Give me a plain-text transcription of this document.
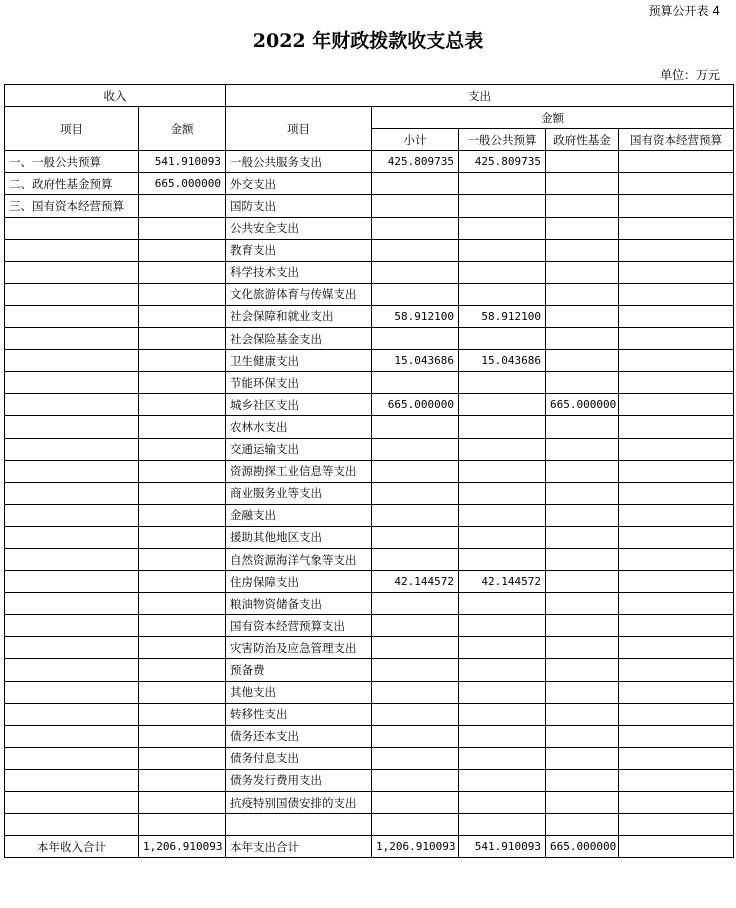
预算公开表 4
2022 年财政拨款收支总表
单位：万元
收入		支出				
项目	金额	项目	金额			
			小计	一般公共预算	政府性基金	国有资本经营预算
一、一般公共预算	541.910093	一般公共服务支出	425.809735	425.809735		
二、政府性基金预算	665.000000	外交支出				
三、国有资本经营预算		国防支出				
		公共安全支出				
		教育支出				
		科学技术支出				
		文化旅游体育与传媒支出				
		社会保障和就业支出	58.912100	58.912100		
		社会保险基金支出				
		卫生健康支出	15.043686	15.043686		
		节能环保支出				
		城乡社区支出	665.000000		665.000000	
		农林水支出				
		交通运输支出				
		资源勘探工业信息等支出				
		商业服务业等支出				
		金融支出				
		援助其他地区支出				
		自然资源海洋气象等支出				
		住房保障支出	42.144572	42.144572		
		粮油物资储备支出				
		国有资本经营预算支出				
		灾害防治及应急管理支出				
		预备费				
		其他支出				
		转移性支出				
		债务还本支出				
		债务付息支出				
		债务发行费用支出				
		抗疫特别国债安排的支出				

本年收入合计	1,206.910093	本年支出合计	1,206.910093	541.910093	665.000000	
